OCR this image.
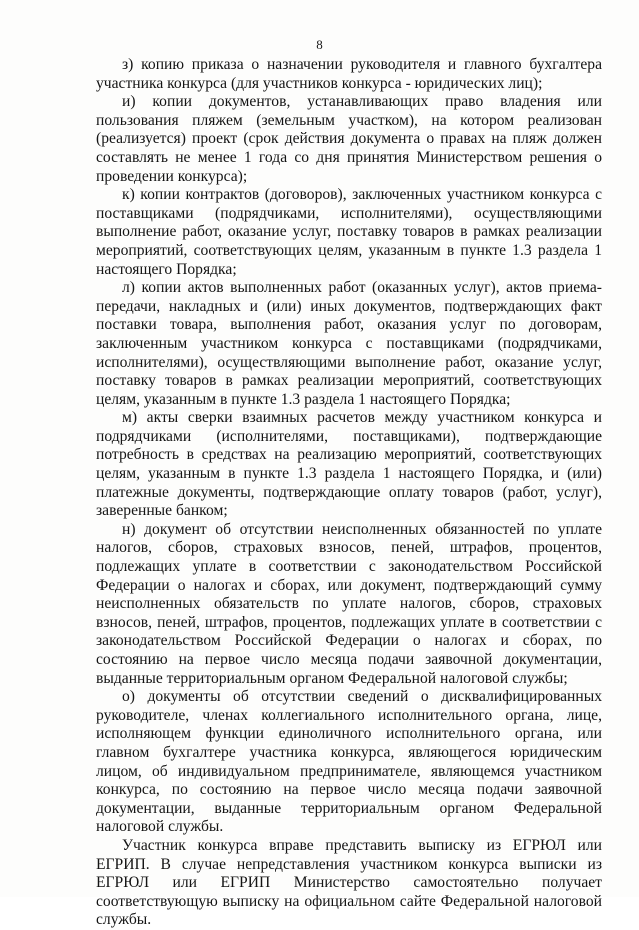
8

з) копию приказа о назначении руководителя и главного бухгалтера участника конкурса (для участников конкурса - юридических лиц);

и) копии документов, устанавливающих право владения или пользования пляжем (земельным участком), на котором реализован (реализуется) проект (срок действия документа о правах на пляж должен составлять не менее 1 года со дня принятия Министерством решения о проведении конкурса);

к) копии контрактов (договоров), заключенных участником конкурса с поставщиками (подрядчиками, исполнителями), осуществляющими выполнение работ, оказание услуг, поставку товаров в рамках реализации мероприятий, соответствующих целям, указанным в пункте 1.3 раздела 1 настоящего Порядка;

л) копии актов выполненных работ (оказанных услуг), актов приема-передачи, накладных и (или) иных документов, подтверждающих факт поставки товара, выполнения работ, оказания услуг по договорам, заключенным участником конкурса с поставщиками (подрядчиками, исполнителями), осуществляющими выполнение работ, оказание услуг, поставку товаров в рамках реализации мероприятий, соответствующих целям, указанным в пункте 1.3 раздела 1 настоящего Порядка;

м) акты сверки взаимных расчетов между участником конкурса и подрядчиками (исполнителями, поставщиками), подтверждающие потребность в средствах на реализацию мероприятий, соответствующих целям, указанным в пункте 1.3 раздела 1 настоящего Порядка, и (или) платежные документы, подтверждающие оплату товаров (работ, услуг), заверенные банком;

н) документ об отсутствии неисполненных обязанностей по уплате налогов, сборов, страховых взносов, пеней, штрафов, процентов, подлежащих уплате в соответствии с законодательством Российской Федерации о налогах и сборах, или документ, подтверждающий сумму неисполненных обязательств по уплате налогов, сборов, страховых взносов, пеней, штрафов, процентов, подлежащих уплате в соответствии с законодательством Российской Федерации о налогах и сборах, по состоянию на первое число месяца подачи заявочной документации, выданные территориальным органом Федеральной налоговой службы;

о) документы об отсутствии сведений о дисквалифицированных руководителе, членах коллегиального исполнительного органа, лице, исполняющем функции единоличного исполнительного органа, или главном бухгалтере участника конкурса, являющегося юридическим лицом, об индивидуальном предпринимателе, являющемся участником конкурса, по состоянию на первое число месяца подачи заявочной документации, выданные территориальным органом Федеральной налоговой службы.

Участник конкурса вправе представить выписку из ЕГРЮЛ или ЕГРИП. В случае непредставления участником конкурса выписки из ЕГРЮЛ или ЕГРИП Министерство самостоятельно получает соответствующую выписку на официальном сайте Федеральной налоговой службы.
